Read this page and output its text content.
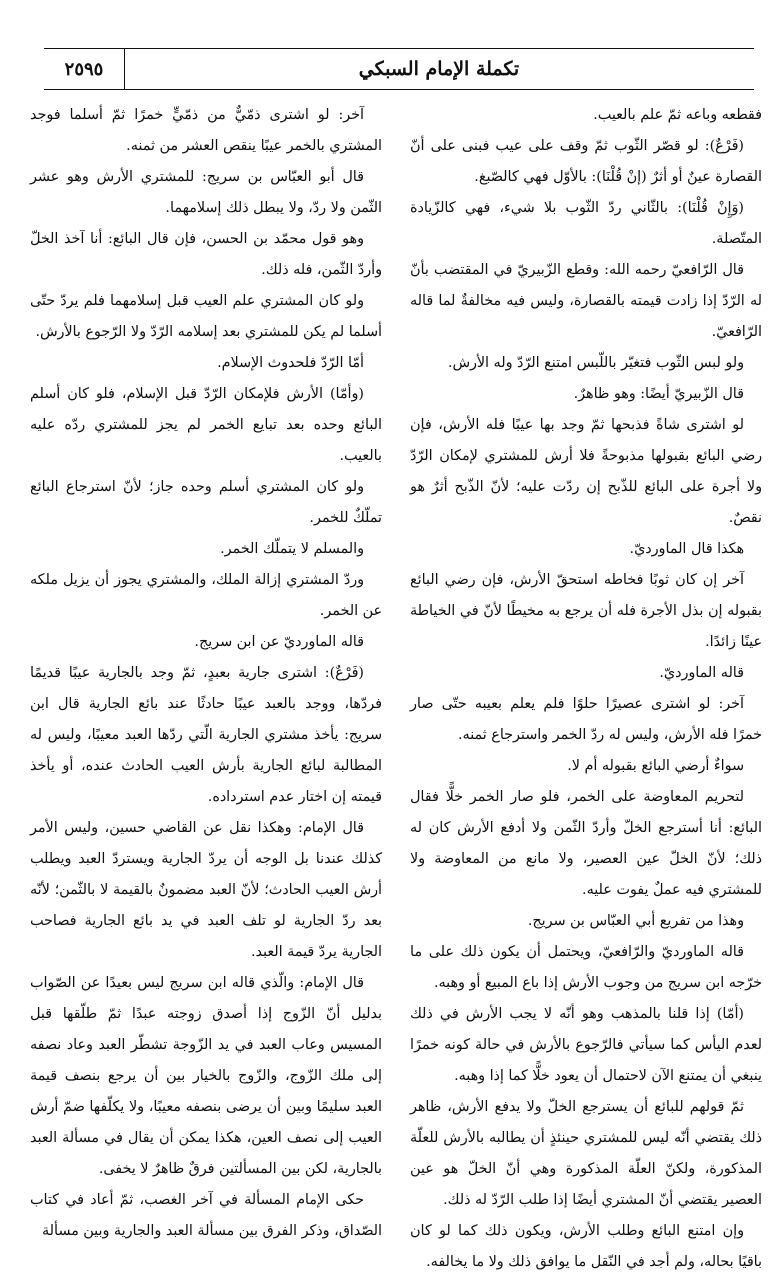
٢٥٩٥	تكملة الإمام السبكي

فقطعه وباعه ثمّ علم بالعيب.

(فَرْعٌ): لو قصّر الثّوب ثمّ وقف على عيب فبنى على أنّ القصارة عينٌ أو أثرٌ (إنْ قُلْنَا): بالأوّل فهي كالصّبغ.

(وَإِنْ قُلْنَا): بالثّاني ردّ الثّوب بلا شيء، فهي كالزّيادة المتّصلة.

قال الرّافعيّ رحمه الله: وقطع الزّبيريّ في المقتضب بأنّ له الرّدّ إذا زادت قيمته بالقصارة، وليس فيه مخالفةٌ لما قاله الرّافعيّ.

ولو لبس الثّوب فتغيّر باللّبس امتنع الرّدّ وله الأرش.

قال الزّبيريّ أيضًا: وهو ظاهرٌ.

لو اشترى شاةً فذبحها ثمّ وجد بها عيبًا فله الأرش، فإن رضي البائع بقبولها مذبوحةً فلا أرش للمشتري لإمكان الرّدّ ولا أجرة على البائع للذّبح إن ردّت عليه؛ لأنّ الذّبح أثرٌ هو نقصٌ.

هكذا قال الماورديّ.

آخر إن كان ثوبًا فخاطه استحقّ الأرش، فإن رضي البائع بقبوله إن بذل الأجرة فله أن يرجع به مخيطًا لأنّ في الخياطة عينًا زائدًا.

قاله الماورديّ.

آخر: لو اشترى عصيرًا حلوًا فلم يعلم بعيبه حتّى صار خمرًا فله الأرش، وليس له ردّ الخمر واسترجاع ثمنه.

سواءٌ أرضي البائع بقبوله أم لا.

لتحريم المعاوضة على الخمر، فلو صار الخمر خلًّا فقال البائع: أنا أسترجع الخلّ وأردّ الثّمن ولا أدفع الأرش كان له ذلك؛ لأنّ الخلّ عين العصير، ولا مانع من المعاوضة ولا للمشتري فيه عملٌ يفوت عليه.

وهذا من تفريع أبي العبّاس بن سريج.

قاله الماورديّ والرّافعيّ، ويحتمل أن يكون ذلك على ما خرّجه ابن سريج من وجوب الأرش إذا باع المبيع أو وهبه.

(أمّا) إذا قلنا بالمذهب وهو أنّه لا يجب الأرش في ذلك لعدم اليأس كما سيأتي فالرّجوع بالأرش في حالة كونه خمرًا ينبغي أن يمتنع الآن لاحتمال أن يعود خلًّا كما إذا وهبه.

ثمّ قولهم للبائع أن يسترجع الخلّ ولا يدفع الأرش، ظاهر ذلك يقتضي أنّه ليس للمشتري حينئذٍ أن يطالبه بالأرش للعلّة المذكورة، ولكنّ العلّة المذكورة وهي أنّ الخلّ هو عين العصير يقتضي أنّ المشتري أيضًا إذا طلب الرّدّ له ذلك.

وإن امتنع البائع وطلب الأرش، ويكون ذلك كما لو كان باقيًا بحاله، ولم أجد في النّقل ما يوافق ذلك ولا ما يخالفه.

آخر: لو اشترى ذمّيٌّ من ذمّيٍّ خمرًا ثمّ أسلما فوجد المشتري بالخمر عيبًا ينقص العشر من ثمنه.

قال أبو العبّاس بن سريج: للمشتري الأرش وهو عشر الثّمن ولا ردّ، ولا يبطل ذلك إسلامهما.

وهو قول محمّد بن الحسن، فإن قال البائع: أنا آخذ الخلّ وأردّ الثّمن، فله ذلك.

ولو كان المشتري علم العيب قبل إسلامهما فلم يردّ حتّى أسلما لم يكن للمشتري بعد إسلامه الرّدّ ولا الرّجوع بالأرش.

أمّا الرّدّ فلحدوث الإسلام.

(وأمّا) الأرش فلإمكان الرّدّ قبل الإسلام، فلو كان أسلم البائع وحده بعد تبايع الخمر لم يجز للمشتري ردّه عليه بالعيب.

ولو كان المشتري أسلم وحده جاز؛ لأنّ استرجاع البائع تملّكٌ للخمر.

والمسلم لا يتملّك الخمر.

وردّ المشتري إزالة الملك، والمشتري يجوز أن يزيل ملكه عن الخمر.

قاله الماورديّ عن ابن سريج.

(فَرْعٌ): اشترى جارية بعبدٍ، ثمّ وجد بالجارية عيبًا قديمًا فردّها، ووجد بالعبد عيبًا حادثًا عند بائع الجارية قال ابن سريج: يأخذ مشتري الجارية الّتي ردّها العبد معيبًا، وليس له المطالبة لبائع الجارية بأرش العيب الحادث عنده، أو يأخذ قيمته إن اختار عدم استرداده.

قال الإمام: وهكذا نقل عن القاضي حسين، وليس الأمر كذلك عندنا بل الوجه أن يردّ الجارية ويستردّ العبد ويطلب أرش العيب الحادث؛ لأنّ العبد مضمونٌ بالقيمة لا بالثّمن؛ لأنّه بعد ردّ الجارية لو تلف العبد في يد بائع الجارية فصاحب الجارية يردّ قيمة العبد.

قال الإمام: والّذي قاله ابن سريج ليس بعيدًا عن الصّواب بدليل أنّ الزّوج إذا أصدق زوجته عبدًا ثمّ طلّقها قبل المسيس وعاب العبد في يد الزّوجة تشطّر العبد وعاد نصفه إلى ملك الزّوج، والزّوج بالخيار بين أن يرجع بنصف قيمة العبد سليمًا وبين أن يرضى بنصفه معيبًا، ولا يكلّفها ضمّ أرش العيب إلى نصف العين، هكذا يمكن أن يقال في مسألة العبد بالجارية، لكن بين المسألتين فرقٌ ظاهرٌ لا يخفى.

حكى الإمام المسألة في آخر الغصب، ثمّ أعاد في كتاب الصّداق، وذكر الفرق بين مسألة العبد والجارية وبين مسألة
